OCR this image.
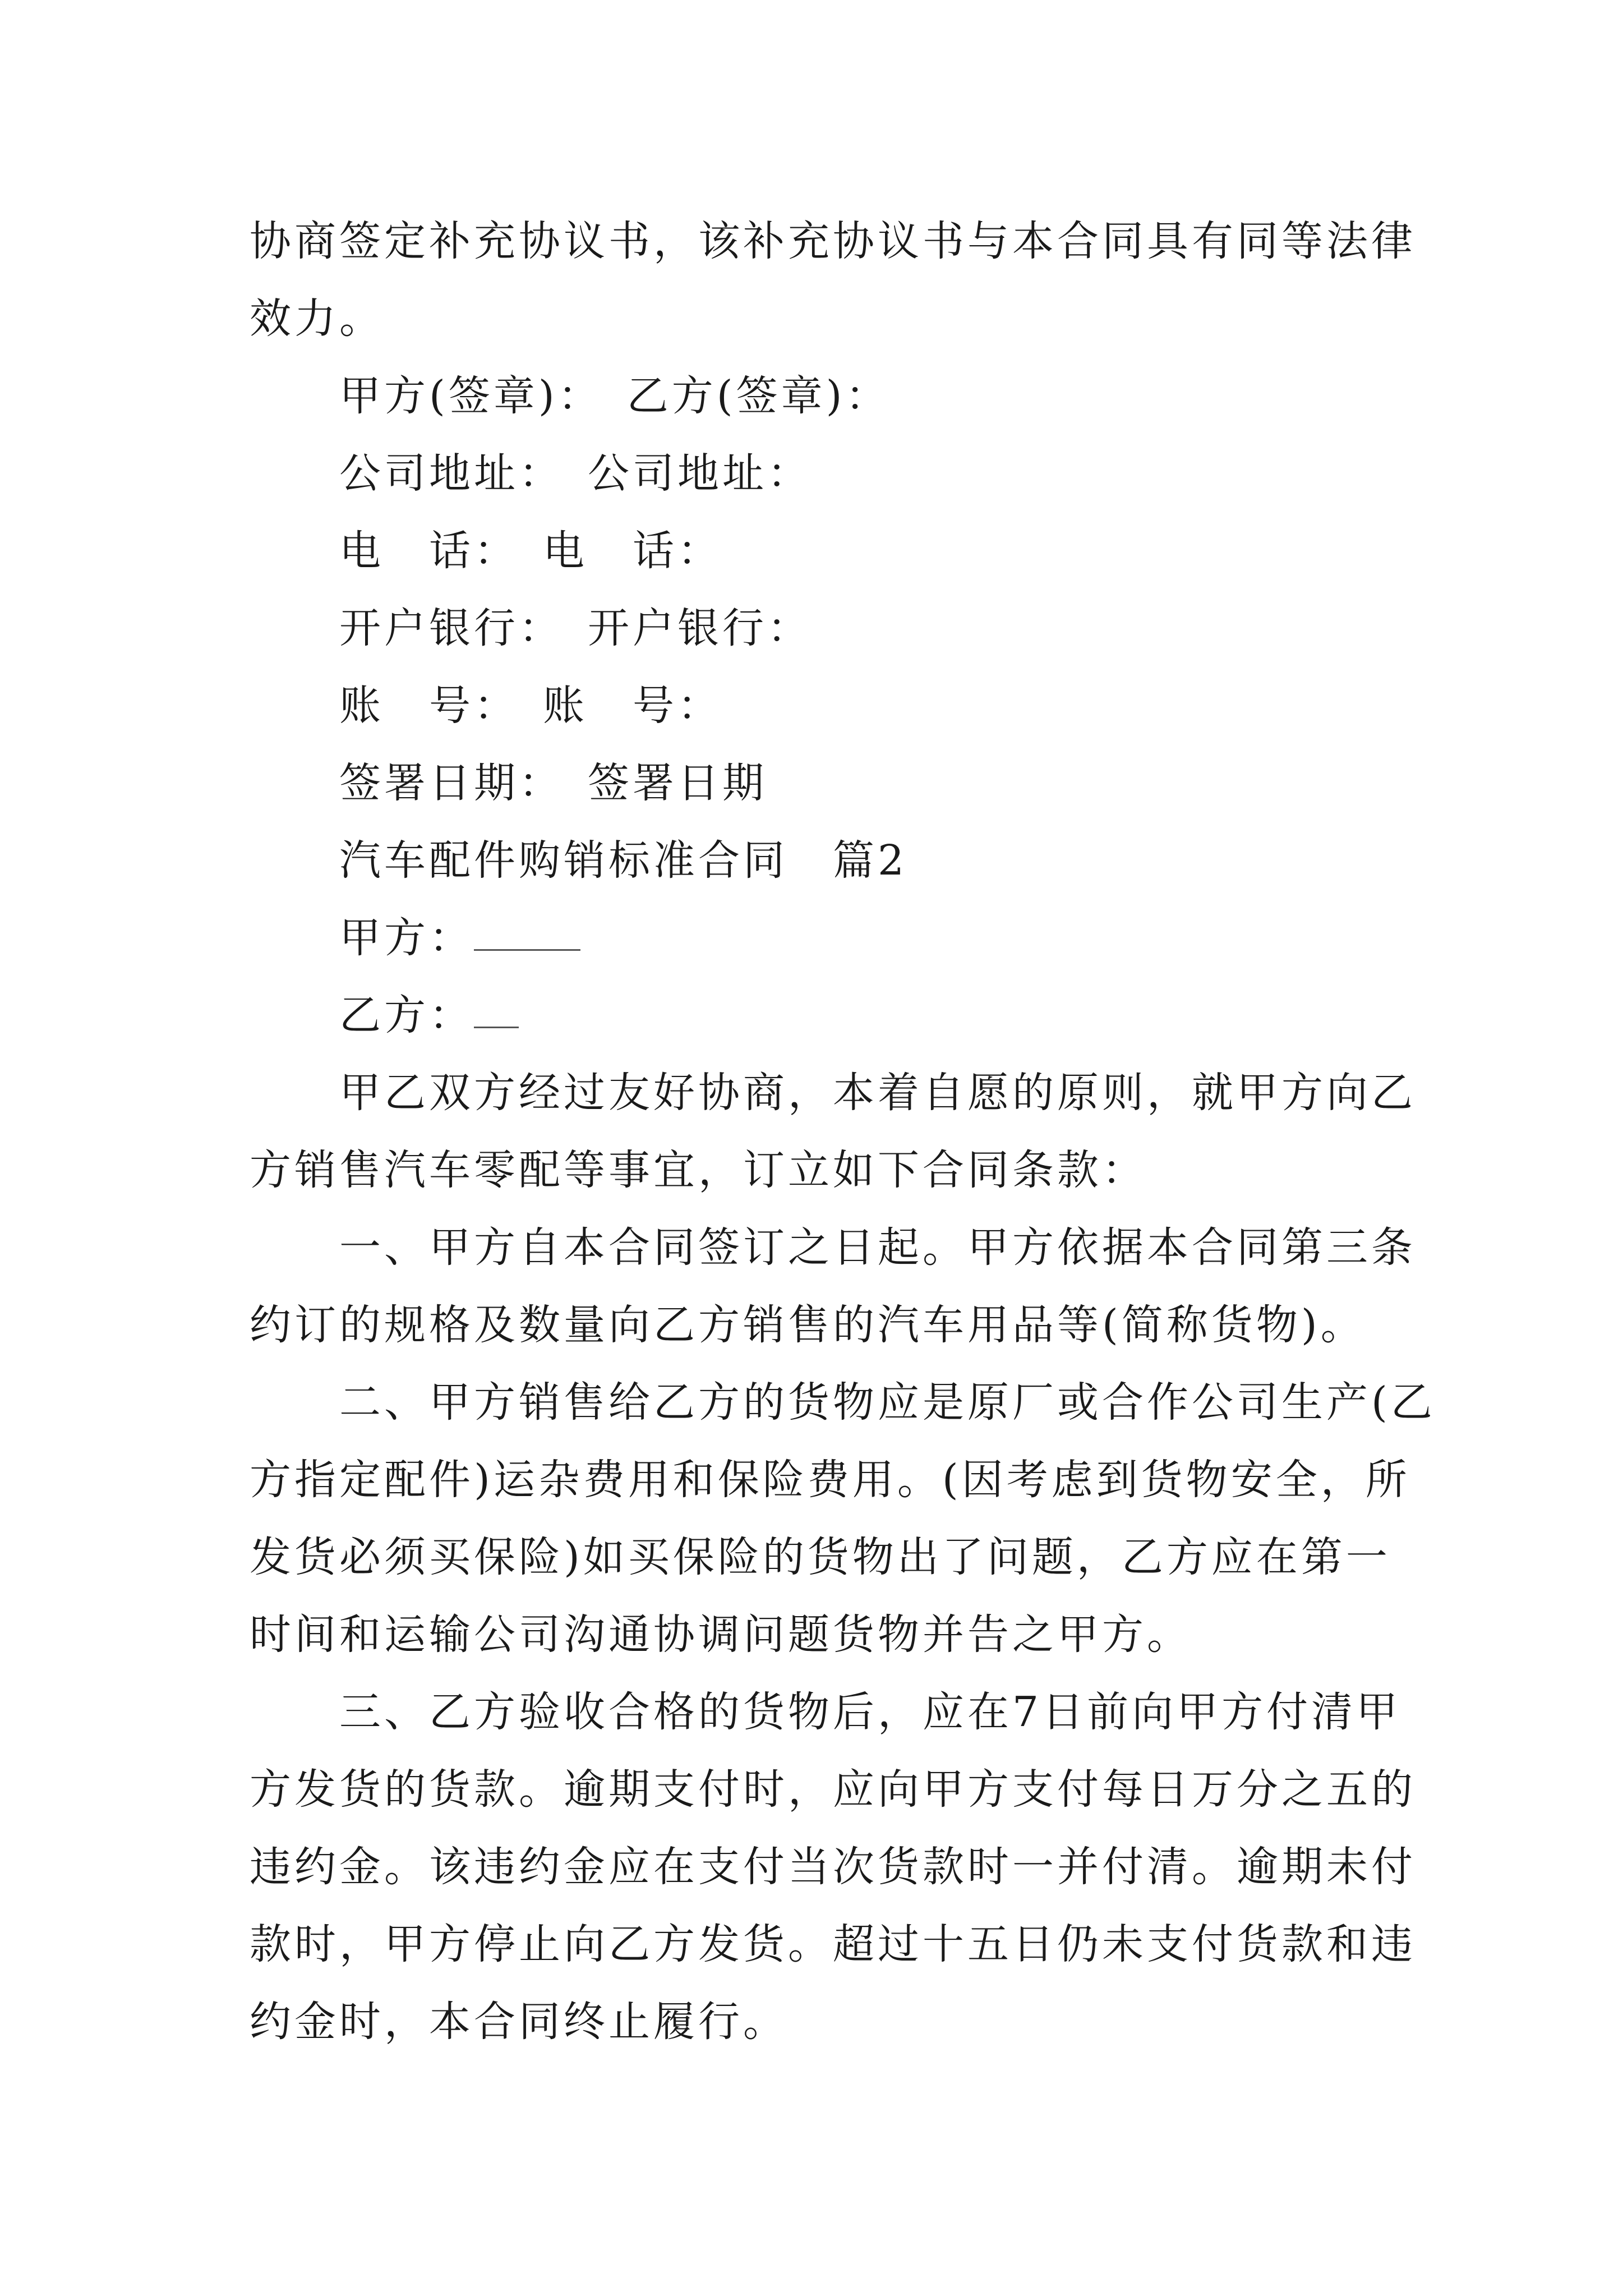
协商签定补充协议书，该补充协议书与本合同具有同等法律
效力。
甲方(签章)：　乙方(签章)：
公司地址：　公司地址：
电　话：　电　话：
开户银行：　开户银行：
账　号：　账　号：
签署日期：　签署日期
汽车配件购销标准合同　篇2
甲方：
乙方：
甲乙双方经过友好协商，本着自愿的原则，就甲方向乙
方销售汽车零配等事宜，订立如下合同条款：
一、甲方自本合同签订之日起。甲方依据本合同第三条
约订的规格及数量向乙方销售的汽车用品等(简称货物)。
二、甲方销售给乙方的货物应是原厂或合作公司生产(乙
方指定配件)运杂费用和保险费用。(因考虑到货物安全，所
发货必须买保险)如买保险的货物出了问题，乙方应在第一
时间和运输公司沟通协调问题货物并告之甲方。
三、乙方验收合格的货物后，应在7日前向甲方付清甲
方发货的货款。逾期支付时，应向甲方支付每日万分之五的
违约金。该违约金应在支付当次货款时一并付清。逾期未付
款时，甲方停止向乙方发货。超过十五日仍未支付货款和违
约金时，本合同终止履行。
